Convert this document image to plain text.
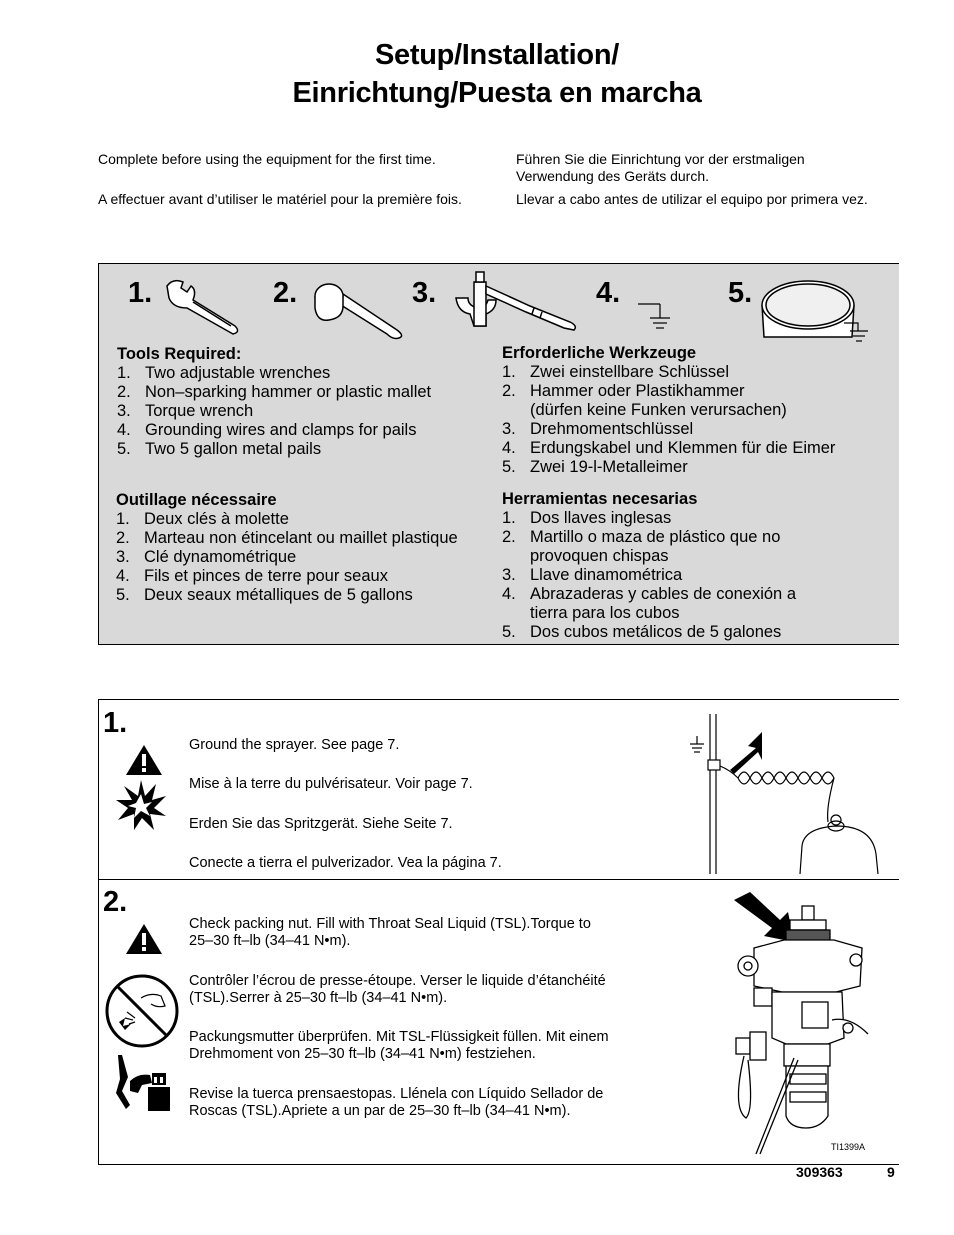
Setup/Installation/
Einrichtung/Puesta en marcha
Complete before using the equipment for the first time.
A effectuer avant d’utiliser le matériel pour la première fois.
Führen Sie die Einrichtung vor der erstmaligen Verwendung des Geräts durch.
Llevar a cabo antes de utilizar el equipo por primera vez.
1.	2.	3.	4.	5.
Tools Required:
1. Two adjustable wrenches
2. Non–sparking hammer or plastic mallet
3. Torque wrench
4. Grounding wires and clamps for pails
5. Two 5 gallon metal pails
Outillage nécessaire
1. Deux clés à molette
2. Marteau non étincelant ou maillet plastique
3. Clé dynamométrique
4. Fils et pinces de terre pour seaux
5. Deux seaux métalliques de 5 gallons
Erforderliche Werkzeuge
1. Zwei einstellbare Schlüssel
2. Hammer oder Plastikhammer
(dürfen keine Funken verursachen)
3. Drehmomentschlüssel
4. Erdungskabel und Klemmen für die Eimer
5. Zwei 19-l-Metalleimer
Herramientas necesarias
1. Dos llaves inglesas
2. Martillo o maza de plástico que no
provoquen chispas
3. Llave dinamométrica
4. Abrazaderas y cables de conexión a
tierra para los cubos
5. Dos cubos metálicos de 5 galones
1.
Ground the sprayer. See page 7.
Mise à la terre du pulvérisateur. Voir page 7.
Erden Sie das Spritzgerät. Siehe Seite 7.
Conecte a tierra el pulverizador. Vea la página 7.
2.
Check packing nut. Fill with Throat Seal Liquid (TSL).Torque to
25–30 ft–lb (34–41 N•m).
Contrôler l’écrou de presse-étoupe. Verser le liquide d’étanchéité
(TSL).Serrer à 25–30 ft–lb (34–41 N•m).
Packungsmutter überprüfen. Mit TSL-Flüssigkeit füllen. Mit einem
Drehmoment von 25–30 ft–lb (34–41 N•m) festziehen.
Revise la tuerca prensaestopas. Llénela con Líquido Sellador de
Roscas (TSL).Apriete a un par de 25–30 ft–lb (34–41 N•m).
TI1399A
309363	9
